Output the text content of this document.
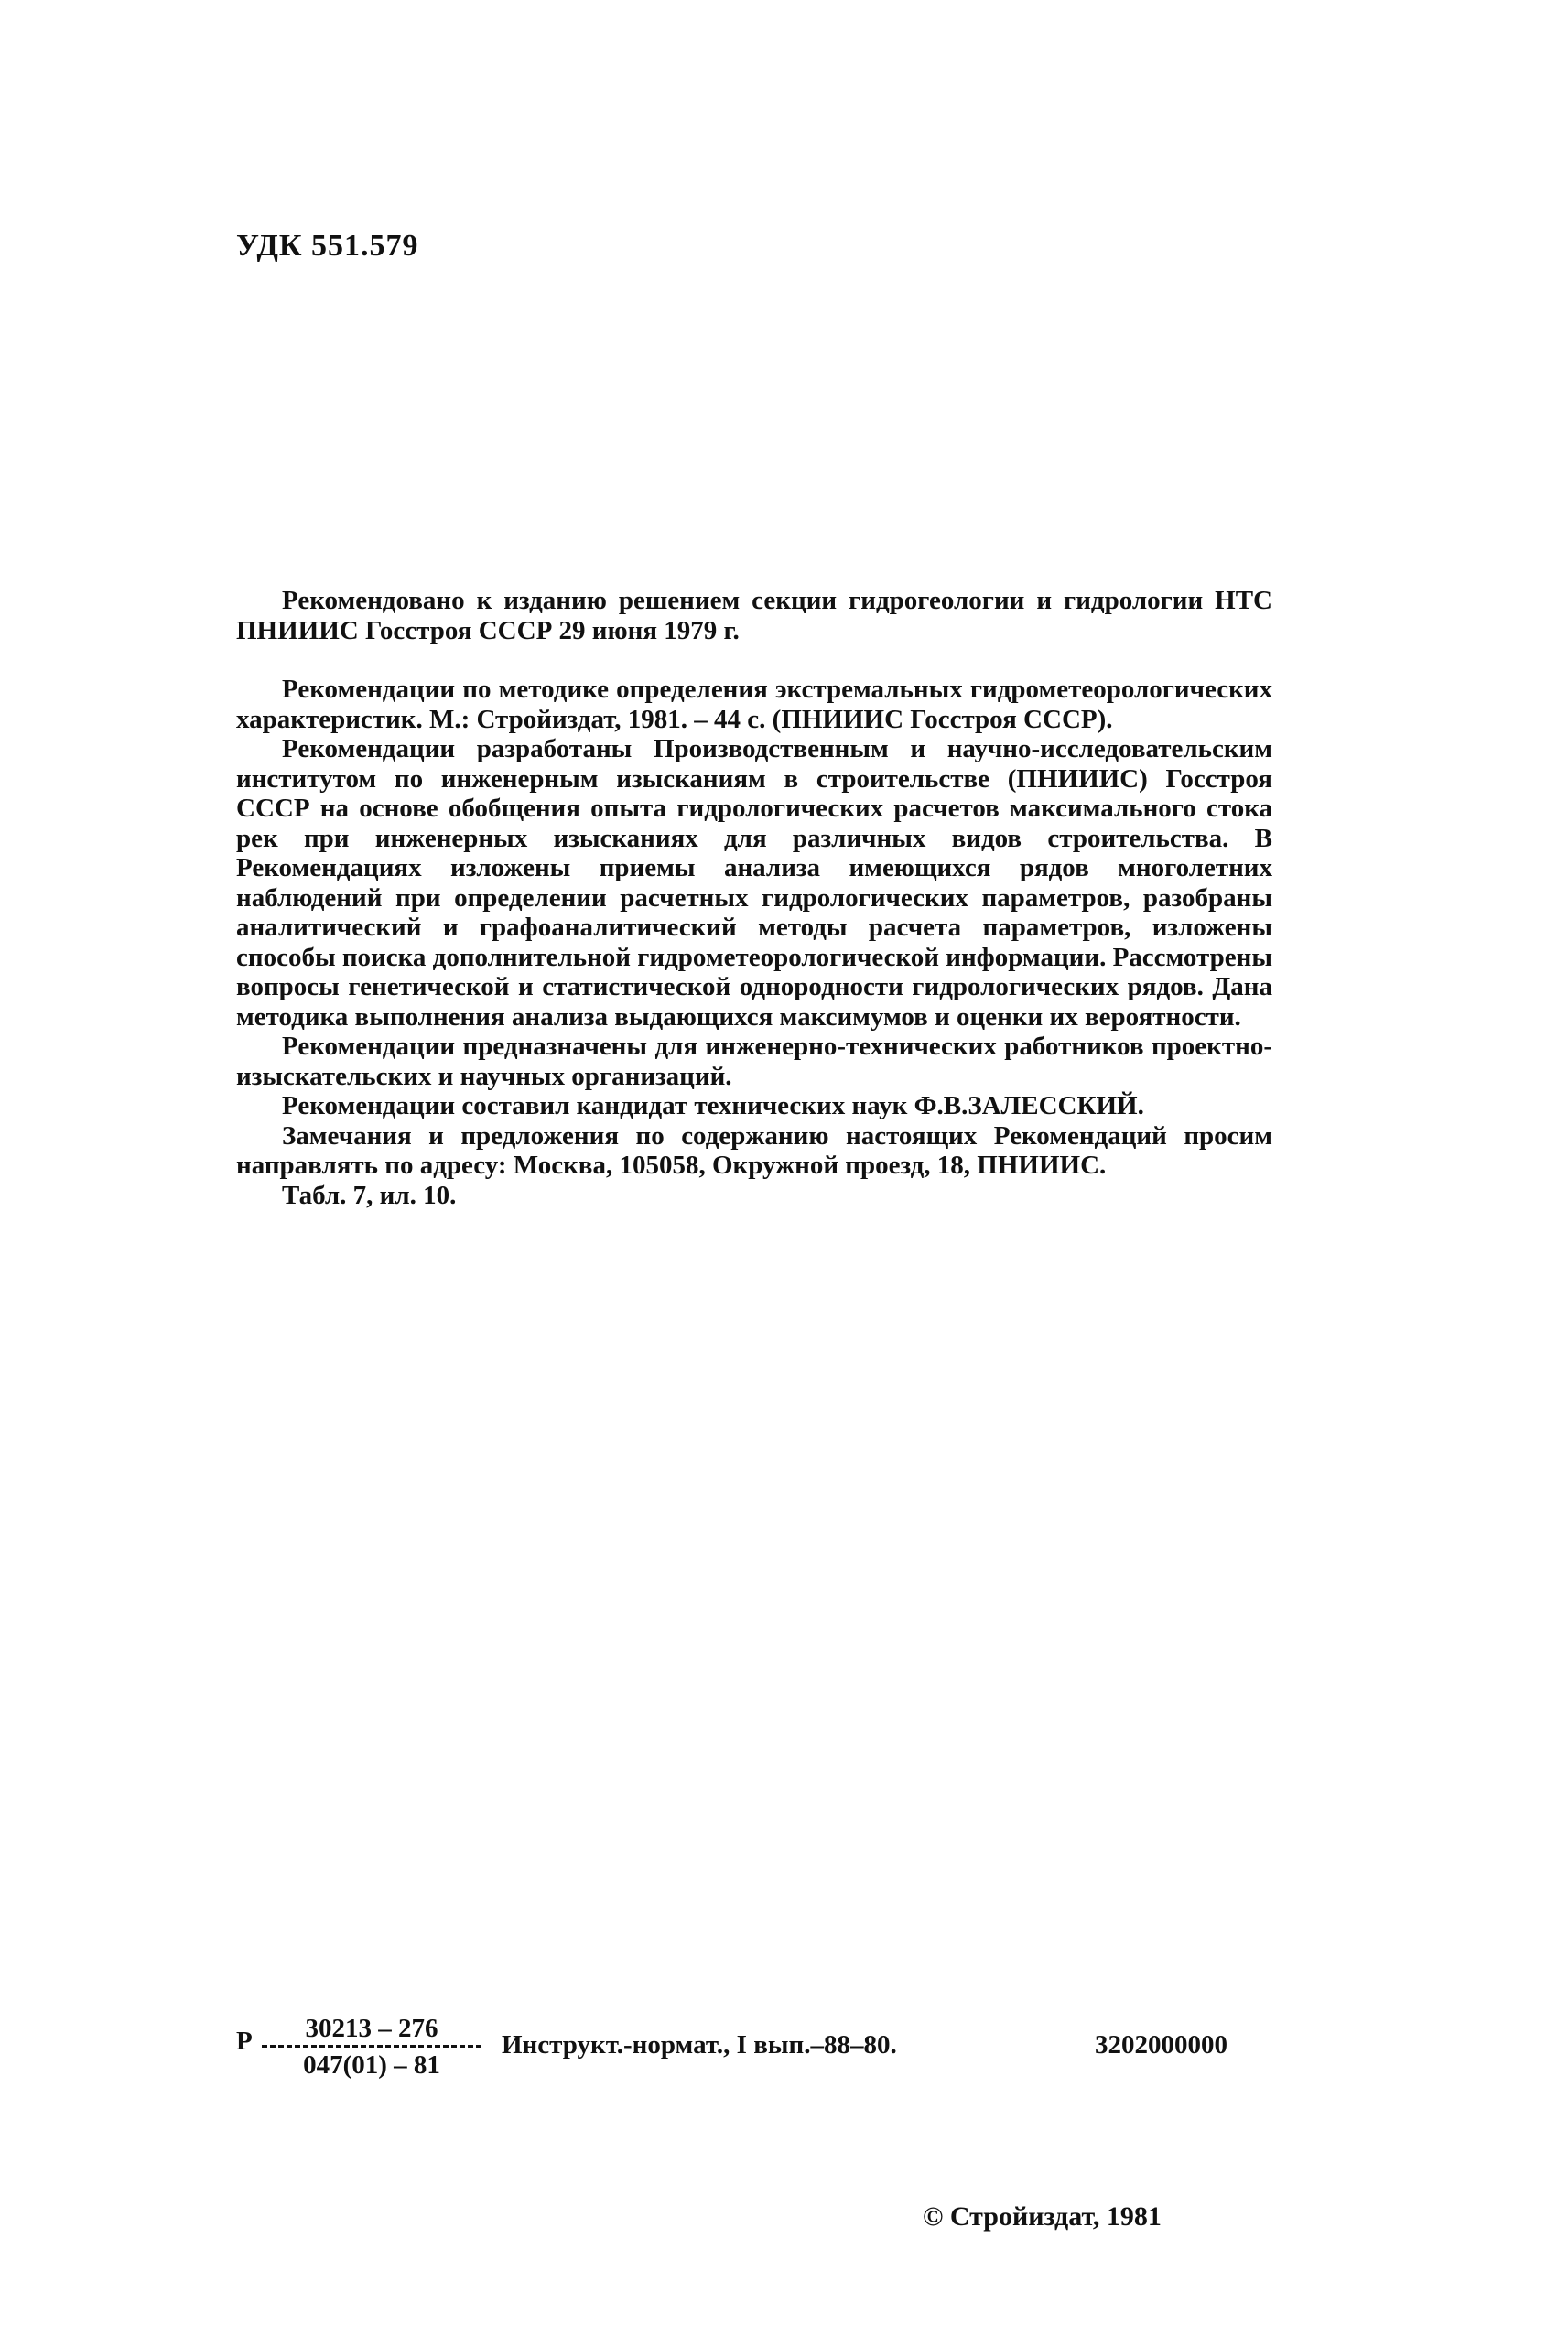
УДК 551.579

Рекомендовано к изданию решением секции гидрогеологии и гидрологии НТС ПНИИИС Госстроя СССР 29 июня 1979 г.

Рекомендации по методике определения экстремальных гидрометеорологических характеристик. М.: Стройиздат, 1981. – 44 с. (ПНИИИС Госстроя СССР).

Рекомендации разработаны Производственным и научно-исследовательским институтом по инженерным изысканиям в строительстве (ПНИИИС) Госстроя СССР на основе обобщения опыта гидрологических расчетов максимального стока рек при инженерных изысканиях для различных видов строительства. В Рекомендациях изложены приемы анализа имеющихся рядов многолетних наблюдений при определении расчетных гидрологических параметров, разобраны аналитический и графоаналитический методы расчета параметров, изложены способы поиска дополнительной гидрометеорологической информации. Рассмотрены вопросы генетической и статистической однородности гидрологических рядов. Дана методика выполнения анализа выдающихся максимумов и оценки их вероятности.

Рекомендации предназначены для инженерно-технических работников проектно-изыскательских и научных организаций.

Рекомендации составил кандидат технических наук Ф.В.ЗАЛЕССКИЙ.

Замечания и предложения по содержанию настоящих Рекомендаций просим направлять по адресу: Москва, 105058, Окружной проезд, 18, ПНИИИС.

Табл. 7, ил. 10.

Р $\frac{30213 - 276}{047(01) - 81}$ Инструкт.-нормат., I вып.–88–80.	3202000000
© Стройиздат, 1981
